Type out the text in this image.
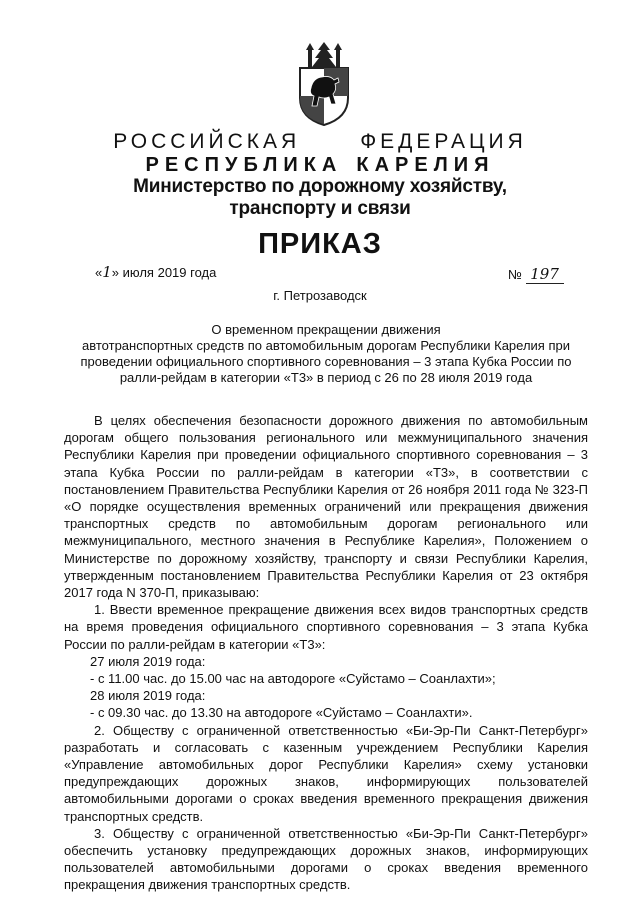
РОССИЙСКАЯ	ФЕДЕРАЦИЯ
РЕСПУБЛИКА КАРЕЛИЯ
Министерство по дорожному хозяйству,
транспорту и связи
ПРИКАЗ
«1» июля 2019 года	№ 197
г. Петрозаводск
О временном прекращении движения
автотранспортных средств по автомобильным дорогам Республики Карелия при
проведении официального спортивного соревнования – 3 этапа Кубка России по
ралли-рейдам в категории «Т3» в период с 26 по 28 июля 2019 года

В целях обеспечения безопасности дорожного движения по автомобильным дорогам общего пользования регионального или межмуниципального значения Республики Карелия при проведении официального спортивного соревнования – 3 этапа Кубка России по ралли-рейдам в категории «Т3», в соответствии с постановлением Правительства Республики Карелия от 26 ноября 2011 года № 323-П «О порядке осуществления временных ограничений или прекращения движения транспортных средств по автомобильным дорогам регионального или межмуниципального, местного значения в Республике Карелия», Положением о Министерстве по дорожному хозяйству, транспорту и связи Республики Карелия, утвержденным постановлением Правительства Республики Карелия от 23 октября 2017 года N 370-П, приказываю:

1. Ввести временное прекращение движения всех видов транспортных средств на время проведения официального спортивного соревнования – 3 этапа Кубка России по ралли-рейдам в категории «Т3»:

27 июля 2019 года:

- с 11.00 час. до 15.00 час на автодороге «Суйстамо – Соанлахти»;

28 июля 2019 года:

- с 09.30 час. до 13.30 на автодороге «Суйстамо – Соанлахти».

2. Обществу с ограниченной ответственностью «Би-Эр-Пи Санкт-Петербург» разработать и согласовать с казенным учреждением Республики Карелия «Управление автомобильных дорог Республики Карелия» схему установки предупреждающих дорожных знаков, информирующих пользователей автомобильными дорогами о сроках введения временного прекращения движения транспортных средств.

3. Обществу с ограниченной ответственностью «Би-Эр-Пи Санкт-Петербург» обеспечить установку предупреждающих дорожных знаков, информирующих пользователей автомобильными дорогами о сроках введения временного прекращения движения транспортных средств.
